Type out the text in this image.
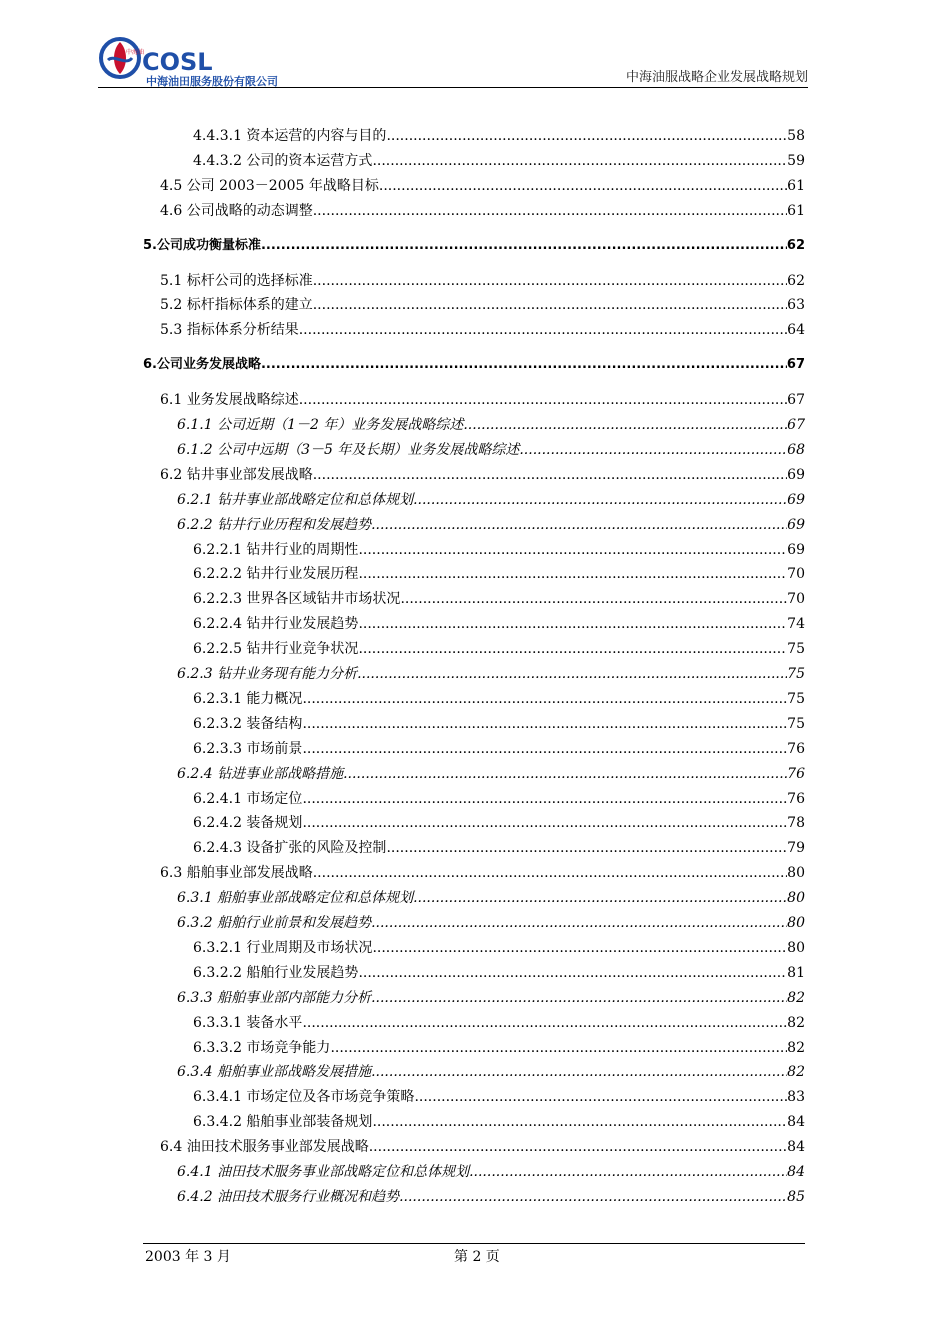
中海油
COSL
中海油田服务股份有限公司	中海油服战略企业发展战略规划
4.4.3.1 资本运营的内容与目的 .....	58
4.4.3.2 公司的资本运营方式 .....	59
4.5 公司 2003－2005 年战略目标 .....	61
4.6 公司战略的动态调整 .....	61
5.公司成功衡量标准 .....	62
5.1 标杆公司的选择标准 .....	62
5.2 标杆指标体系的建立 .....	63
5.3 指标体系分析结果 .....	64
6.公司业务发展战略 .....	67
6.1 业务发展战略综述 .....	67
6.1.1 公司近期（1－2 年）业务发展战略综述 .....	67
6.1.2 公司中远期（3－5 年及长期）业务发展战略综述 .....	68
6.2 钻井事业部发展战略 .....	69
6.2.1 钻井事业部战略定位和总体规划 .....	69
6.2.2 钻井行业历程和发展趋势 .....	69
6.2.2.1 钻井行业的周期性 .....	69
6.2.2.2 钻井行业发展历程 .....	70
6.2.2.3 世界各区域钻井市场状况 .....	70
6.2.2.4 钻井行业发展趋势 .....	74
6.2.2.5 钻井行业竞争状况 .....	75
6.2.3 钻井业务现有能力分析 .....	75
6.2.3.1 能力概况 .....	75
6.2.3.2 装备结构 .....	75
6.2.3.3 市场前景 .....	76
6.2.4 钻进事业部战略措施 .....	76
6.2.4.1 市场定位 .....	76
6.2.4.2 装备规划 .....	78
6.2.4.3 设备扩张的风险及控制 .....	79
6.3 船舶事业部发展战略 .....	80
6.3.1 船舶事业部战略定位和总体规划 .....	80
6.3.2 船舶行业前景和发展趋势 .....	80
6.3.2.1 行业周期及市场状况 .....	80
6.3.2.2 船舶行业发展趋势 .....	81
6.3.3 船舶事业部内部能力分析 .....	82
6.3.3.1 装备水平 .....	82
6.3.3.2 市场竞争能力 .....	82
6.3.4 船舶事业部战略发展措施 .....	82
6.3.4.1 市场定位及各市场竞争策略 .....	83
6.3.4.2 船舶事业部装备规划 .....	84
6.4 油田技术服务事业部发展战略 .....	84
6.4.1 油田技术服务事业部战略定位和总体规划 .....	84
6.4.2 油田技术服务行业概况和趋势 .....	85
2003 年 3 月	第 2 页
